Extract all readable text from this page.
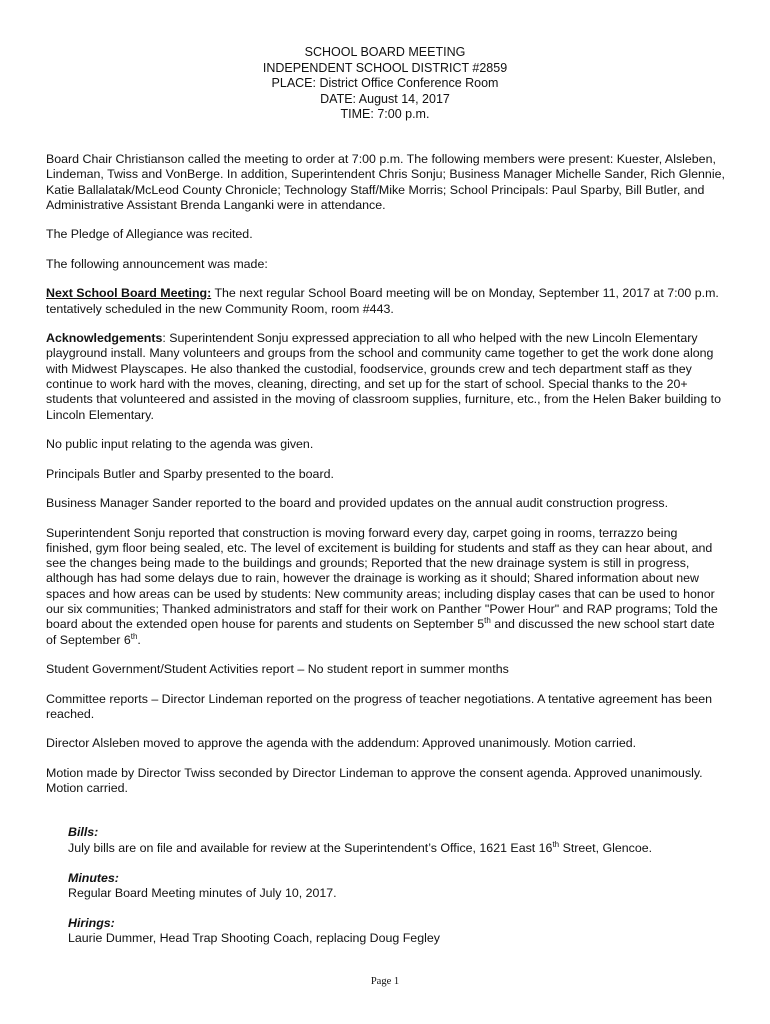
SCHOOL BOARD MEETING
INDEPENDENT SCHOOL DISTRICT #2859
PLACE: District Office Conference Room
DATE: August 14, 2017
TIME: 7:00 p.m.

Board Chair Christianson called the meeting to order at 7:00 p.m. The following members were present: Kuester, Alsleben, Lindeman, Twiss and VonBerge. In addition, Superintendent Chris Sonju; Business Manager Michelle Sander, Rich Glennie, Katie Ballalatak/McLeod County Chronicle; Technology Staff/Mike Morris; School Principals: Paul Sparby, Bill Butler, and Administrative Assistant Brenda Langanki were in attendance.

The Pledge of Allegiance was recited.

The following announcement was made:

Next School Board Meeting: The next regular School Board meeting will be on Monday, September 11, 2017 at 7:00 p.m. tentatively scheduled in the new Community Room, room #443.

Acknowledgements: Superintendent Sonju expressed appreciation to all who helped with the new Lincoln Elementary playground install. Many volunteers and groups from the school and community came together to get the work done along with Midwest Playscapes. He also thanked the custodial, foodservice, grounds crew and tech department staff as they continue to work hard with the moves, cleaning, directing, and set up for the start of school. Special thanks to the 20+ students that volunteered and assisted in the moving of classroom supplies, furniture, etc., from the Helen Baker building to Lincoln Elementary.

No public input relating to the agenda was given.

Principals Butler and Sparby presented to the board.

Business Manager Sander reported to the board and provided updates on the annual audit construction progress.

Superintendent Sonju reported that construction is moving forward every day, carpet going in rooms, terrazzo being finished, gym floor being sealed, etc. The level of excitement is building for students and staff as they can hear about, and see the changes being made to the buildings and grounds; Reported that the new drainage system is still in progress, although has had some delays due to rain, however the drainage is working as it should; Shared information about new spaces and how areas can be used by students: New community areas; including display cases that can be used to honor our six communities; Thanked administrators and staff for their work on Panther "Power Hour" and RAP programs; Told the board about the extended open house for parents and students on September 5th and discussed the new school start date of September 6th.

Student Government/Student Activities report – No student report in summer months

Committee reports – Director Lindeman reported on the progress of teacher negotiations. A tentative agreement has been reached.

Director Alsleben moved to approve the agenda with the addendum: Approved unanimously. Motion carried.

Motion made by Director Twiss seconded by Director Lindeman to approve the consent agenda. Approved unanimously. Motion carried.

Bills:
July bills are on file and available for review at the Superintendent’s Office, 1621 East 16th Street, Glencoe.

Minutes:
Regular Board Meeting minutes of July 10, 2017.

Hirings:
Laurie Dummer, Head Trap Shooting Coach, replacing Doug Fegley

Page 1
